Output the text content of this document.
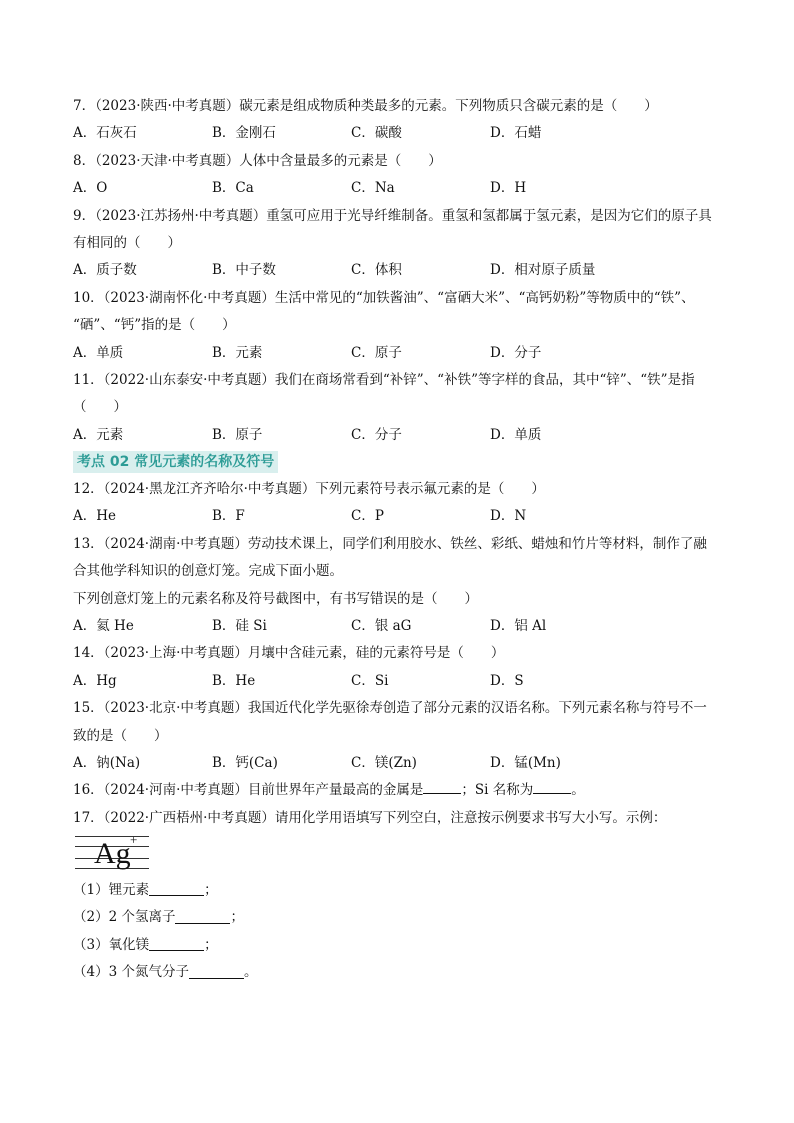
7．（2023·陕西·中考真题）碳元素是组成物质种类最多的元素。下列物质只含碳元素的是（　　）
A．石灰石	B．金刚石	C．碳酸	D．石蜡
8．（2023·天津·中考真题）人体中含量最多的元素是（　　）
A．O	B．Ca	C．Na	D．H
9．（2023·江苏扬州·中考真题）重氢可应用于光导纤维制备。重氢和氢都属于氢元素，是因为它们的原子具
有相同的（　　）
A．质子数	B．中子数	C．体积	D．相对原子质量
10．（2023·湖南怀化·中考真题）生活中常见的“加铁酱油”、“富硒大米”、“高钙奶粉”等物质中的“铁”、
“硒”、“钙”指的是（　　）
A．单质	B．元素	C．原子	D．分子
11．（2022·山东泰安·中考真题）我们在商场常看到“补锌”、“补铁”等字样的食品，其中“锌”、“铁”是指
（　　）
A．元素	B．原子	C．分子	D．单质
考点 02 常见元素的名称及符号
12．（2024·黑龙江齐齐哈尔·中考真题）下列元素符号表示氟元素的是（　　）
A．He	B．F	C．P	D．N
13．（2024·湖南·中考真题）劳动技术课上，同学们利用胶水、铁丝、彩纸、蜡烛和竹片等材料，制作了融
合其他学科知识的创意灯笼。完成下面小题。
下列创意灯笼上的元素名称及符号截图中，有书写错误的是（　　）
A．氦 He	B．硅 Si	C．银 aG	D．铝 Al
14．（2023·上海·中考真题）月壤中含硅元素，硅的元素符号是（　　）
A．Hg	B．He	C．Si	D．S
15．（2023·北京·中考真题）我国近代化学先驱徐寿创造了部分元素的汉语名称。下列元素名称与符号不一
致的是（　　）
A．钠(Na)	B．钙(Ca)	C．镁(Zn)	D．锰(Mn)
16．（2024·河南·中考真题）目前世界年产量最高的金属是	；Si 名称为	。
17．（2022·广西梧州·中考真题）请用化学用语填写下列空白，注意按示例要求书写大小写。示例：
Ag +
（1）锂元素	；
（2）2 个氢离子	；
（3）氧化镁	；
（4）3 个氮气分子	。
